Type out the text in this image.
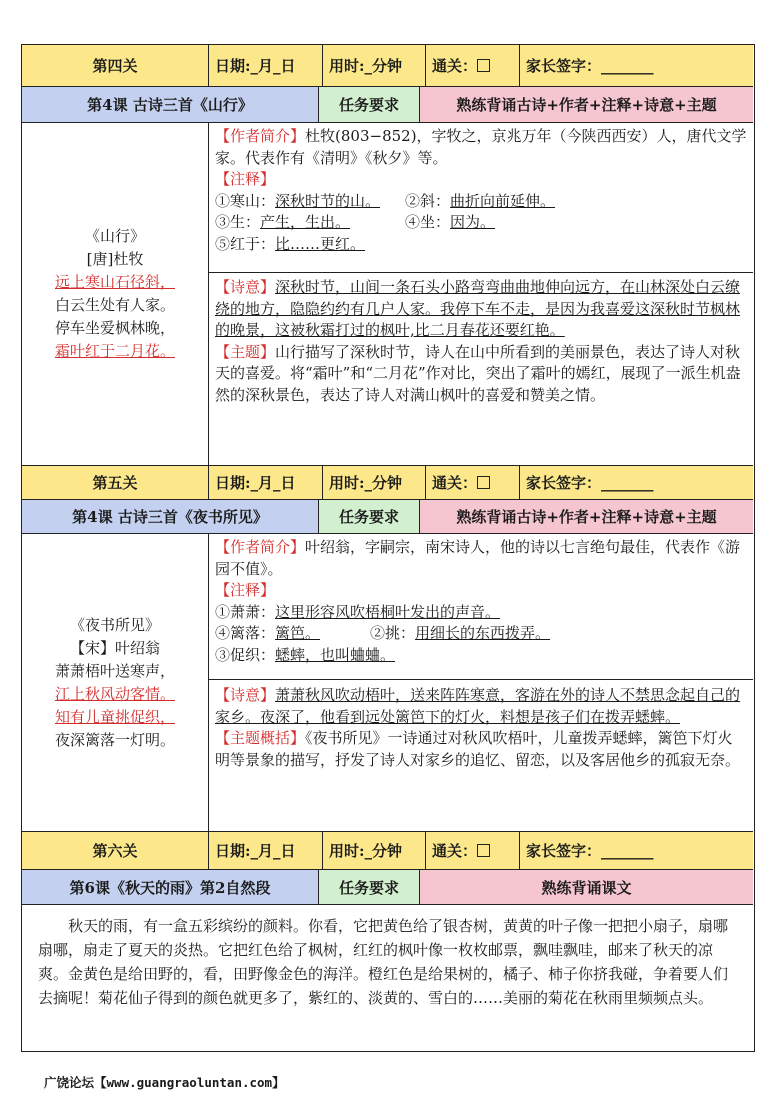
第四关	日期:_月_日	用时:_分钟	通关：	家长签字：_______
第4课 古诗三首《山行》	任务要求	熟练背诵古诗+作者+注释+诗意+主题
《山行》
[唐]杜牧
远上寒山石径斜，
白云生处有人家。
停车坐爱枫林晚，
霜叶红于二月花。
【作者简介】杜牧(803−852)，字牧之，京兆万年（今陕西西安）人，唐代文学家。代表作有《清明》《秋夕》等。
【注释】
①寒山：深秋时节的山。 ②斜：曲折向前延伸。
③生：产生，生出。	④坐：因为。
⑤红于：比……更红。
【诗意】深秋时节，山间一条石头小路弯弯曲曲地伸向远方，在山林深处白云缭绕的地方，隐隐约约有几户人家。我停下车不走，是因为我喜爱这深秋时节枫林的晚景，这被秋霜打过的枫叶,比二月春花还要红艳。
【主题】山行描写了深秋时节，诗人在山中所看到的美丽景色，表达了诗人对秋天的喜爱。将“霜叶”和“二月花”作对比，突出了霜叶的嫣红，展现了一派生机盎然的深秋景色，表达了诗人对满山枫叶的喜爱和赞美之情。
第五关	日期:_月_日	用时:_分钟	通关：	家长签字：_______
第4课 古诗三首《夜书所见》	任务要求	熟练背诵古诗+作者+注释+诗意+主题
《夜书所见》
【宋】叶绍翁
萧萧梧叶送寒声，
江上秋风动客情。
知有儿童挑促织，
夜深篱落一灯明。
【作者简介】叶绍翁，字嗣宗，南宋诗人，他的诗以七言绝句最佳，代表作《游园不值》。
【注释】
①萧萧：这里形容风吹梧桐叶发出的声音。
④篱落：篱笆。	②挑：用细长的东西拨弄。
③促织：蟋蟀，也叫蛐蛐。
【诗意】萧萧秋风吹动梧叶，送来阵阵寒意，客游在外的诗人不禁思念起自己的家乡。夜深了，他看到远处篱笆下的灯火，料想是孩子们在拨弄蟋蟀。
【主题概括】《夜书所见》一诗通过对秋风吹梧叶，儿童拨弄蟋蟀，篱笆下灯火明等景象的描写，抒发了诗人对家乡的追忆、留恋，以及客居他乡的孤寂无奈。
第六关	日期:_月_日	用时:_分钟	通关：	家长签字：_______
第6课《秋天的雨》第2自然段	任务要求	熟练背诵课文
秋天的雨，有一盒五彩缤纷的颜料。你看，它把黄色给了银杏树，黄黄的叶子像一把把小扇子，扇哪扇哪，扇走了夏天的炎热。它把红色给了枫树，红红的枫叶像一枚枚邮票，飘哇飘哇，邮来了秋天的凉爽。金黄色是给田野的，看，田野像金色的海洋。橙红色是给果树的，橘子、柿子你挤我碰，争着要人们去摘呢！菊花仙子得到的颜色就更多了，紫红的、淡黄的、雪白的……美丽的菊花在秋雨里频频点头。
广饶论坛【www.guangraoluntan.com】
